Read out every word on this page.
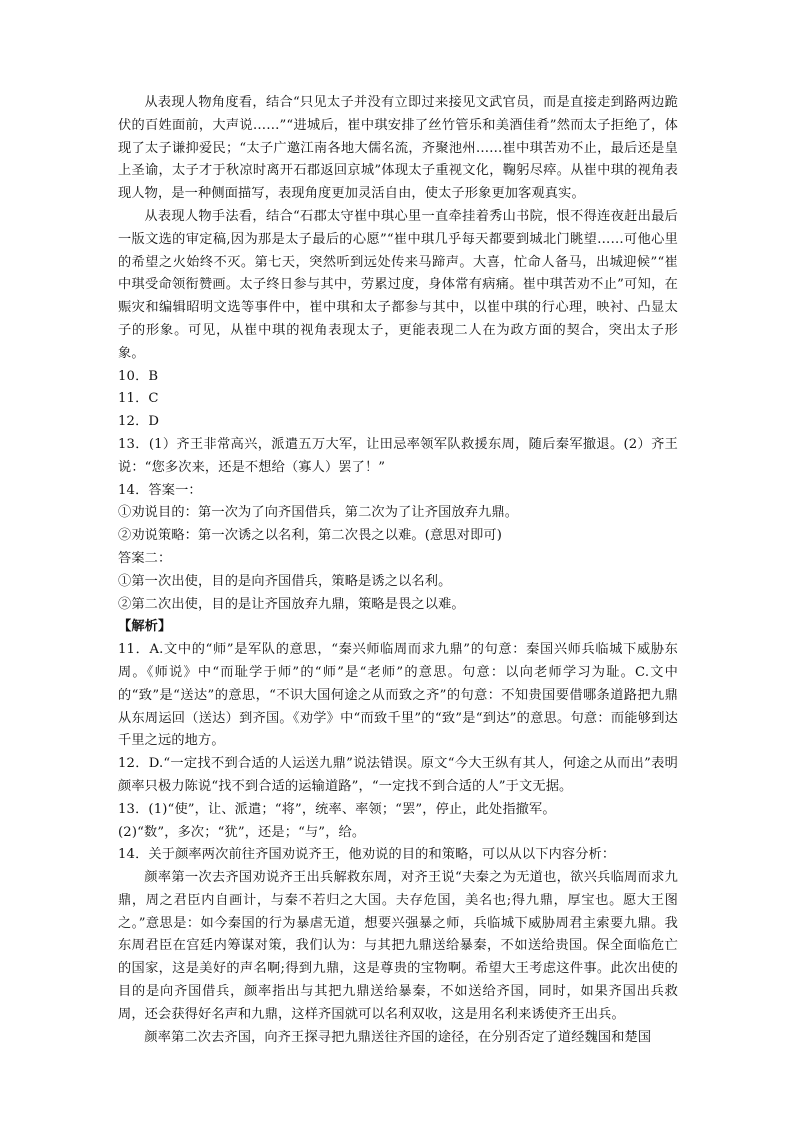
从表现人物角度看，结合“只见太子并没有立即过来接见文武官员，而是直接走到路两边跪伏的百姓面前，大声说……”“进城后，崔中琪安排了丝竹管乐和美酒佳肴”然而太子拒绝了，体现了太子谦抑爱民；“太子广邀江南各地大儒名流，齐聚池州……崔中琪苦劝不止，最后还是皇上圣谕，太子才于秋凉时离开石郡返回京城”体现太子重视文化，鞠躬尽瘁。从崔中琪的视角表现人物，是一种侧面描写，表现角度更加灵活自由，使太子形象更加客观真实。

从表现人物手法看，结合“石郡太守崔中琪心里一直牵挂着秀山书院，恨不得连夜赶出最后一版文选的审定稿,因为那是太子最后的心愿”“崔中琪几乎每天都要到城北门眺望……可他心里的希望之火始终不灭。第七天，突然听到远处传来马蹄声。大喜，忙命人备马，出城迎候”“崔中琪受命领衔赞画。太子终日参与其中，劳累过度，身体常有病痛。崔中琪苦劝不止”可知，在赈灾和编辑昭明文选等事件中，崔中琪和太子都参与其中，以崔中琪的行心理，映衬、凸显太子的形象。可见，从崔中琪的视角表现太子，更能表现二人在为政方面的契合，突出太子形象。

10．B

11．C

12．D

13．(1）齐王非常高兴，派遣五万大军，让田忌率领军队救援东周，随后秦军撤退。(2）齐王说：“您多次来，还是不想给（寡人）罢了！”

14．答案一：

①劝说目的：第一次为了向齐国借兵，第二次为了让齐国放弃九鼎。

②劝说策略：第一次诱之以名利，第二次畏之以难。(意思对即可)

答案二：

①第一次出使，目的是向齐国借兵，策略是诱之以名利。

②第二次出使，目的是让齐国放弃九鼎，策略是畏之以难。

【解析】

11．A.文中的“师”是军队的意思，“秦兴师临周而求九鼎”的句意：秦国兴师兵临城下威胁东周。《师说》中“而耻学于师”的“师”是“老师”的意思。句意：以向老师学习为耻。C.文中的“致”是“送达”的意思，“不识大国何途之从而致之齐”的句意：不知贵国要借哪条道路把九鼎从东周运回（送达）到齐国。《劝学》中“而致千里”的“致”是“到达”的意思。句意：而能够到达千里之远的地方。

12．D.“一定找不到合适的人运送九鼎”说法错误。原文“今大王纵有其人，何途之从而出”表明颜率只极力陈说“找不到合适的运输道路”，“一定找不到合适的人”于文无据。

13．(1)“使”，让、派遣；“将”，统率、率领；“罢”，停止，此处指撤军。

(2)“数”，多次；“犹”，还是；“与”，给。

14．关于颜率两次前往齐国劝说齐王，他劝说的目的和策略，可以从以下内容分析：

颜率第一次去齐国劝说齐王出兵解救东周，对齐王说“夫秦之为无道也，欲兴兵临周而求九鼎，周之君臣内自画计，与秦不若归之大国。夫存危国，美名也;得九鼎，厚宝也。愿大王图之。”意思是：如今秦国的行为暴虐无道，想要兴强暴之师，兵临城下威胁周君主索要九鼎。我东周君臣在宫廷内筹谋对策，我们认为：与其把九鼎送给暴秦，不如送给贵国。保全面临危亡的国家，这是美好的声名啊;得到九鼎，这是尊贵的宝物啊。希望大王考虑这件事。此次出使的目的是向齐国借兵，颜率指出与其把九鼎送给暴秦，不如送给齐国，同时，如果齐国出兵救周，还会获得好名声和九鼎，这样齐国就可以名利双收，这是用名利来诱使齐王出兵。

颜率第二次去齐国，向齐王探寻把九鼎送往齐国的途径，在分别否定了道经魏国和楚国
